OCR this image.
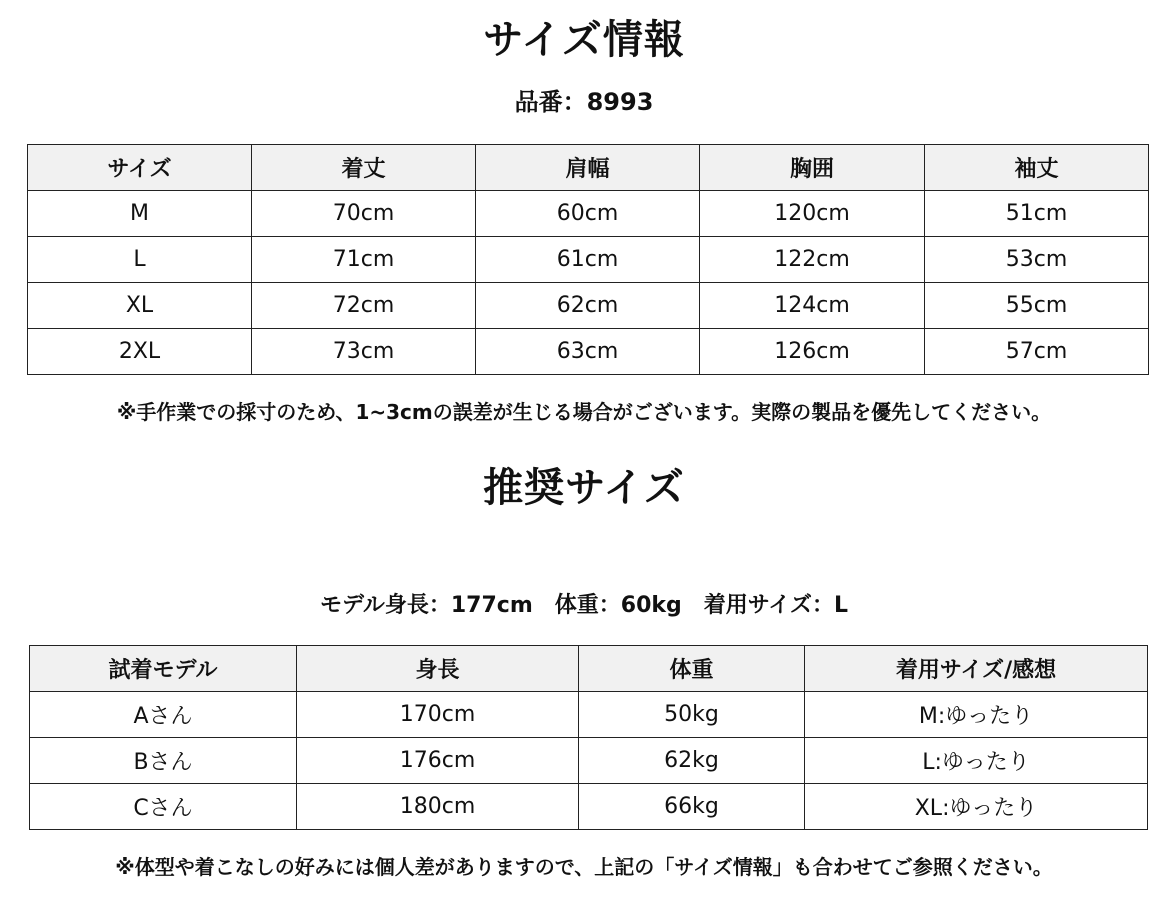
サイズ情報
品番：8993
サイズ	着丈	肩幅	胸囲	袖丈
M	70cm	60cm	120cm	51cm
L	71cm	61cm	122cm	53cm
XL	72cm	62cm	124cm	55cm
2XL	73cm	63cm	126cm	57cm
※手作業での採寸のため、1~3cmの誤差が生じる場合がございます。実際の製品を優先してください。
推奨サイズ
モデル身長：177cm　体重：60kg　着用サイズ：L
試着モデル	身長	体重	着用サイズ/感想
Aさん	170cm	50kg	M:ゆったり
Bさん	176cm	62kg	L:ゆったり
Cさん	180cm	66kg	XL:ゆったり
※体型や着こなしの好みには個人差がありますので、上記の「サイズ情報」も合わせてご参照ください。
